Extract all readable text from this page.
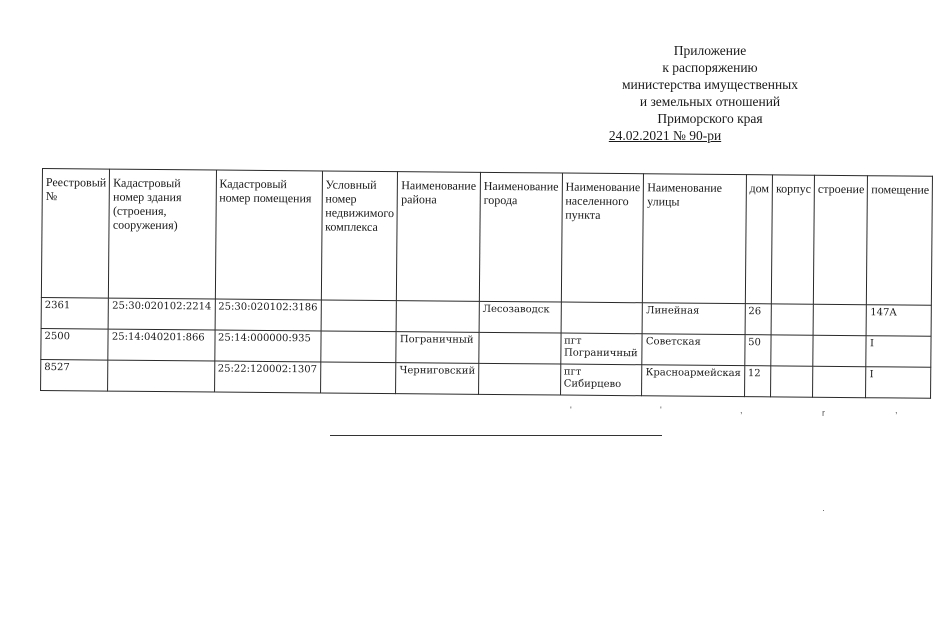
Приложение
к распоряжению
министерства имущественных
и земельных отношений
Приморского края
24.02.2021 № 90-ри
Реестровый №	Кадастровый номер здания (строения, сооружения)	Кадастровый номер помещения	Условный номер недвижимого комплекса	Наименование района	Наименование города	Наименование населенного пункта	Наименование улицы	дом	корпус	строение	помещение
2361	25:30:020102:2214	25:30:020102:3186			Лесозаводск		Линейная	26			147А
2500	25:14:040201:866	25:14:000000:935		Пограничный		пгт Пограничный	Советская	50			I
8527		25:22:120002:1307		Черниговский		пгт Сибирцево	Красноармейская	12			I
'	'	,	r	,
·
